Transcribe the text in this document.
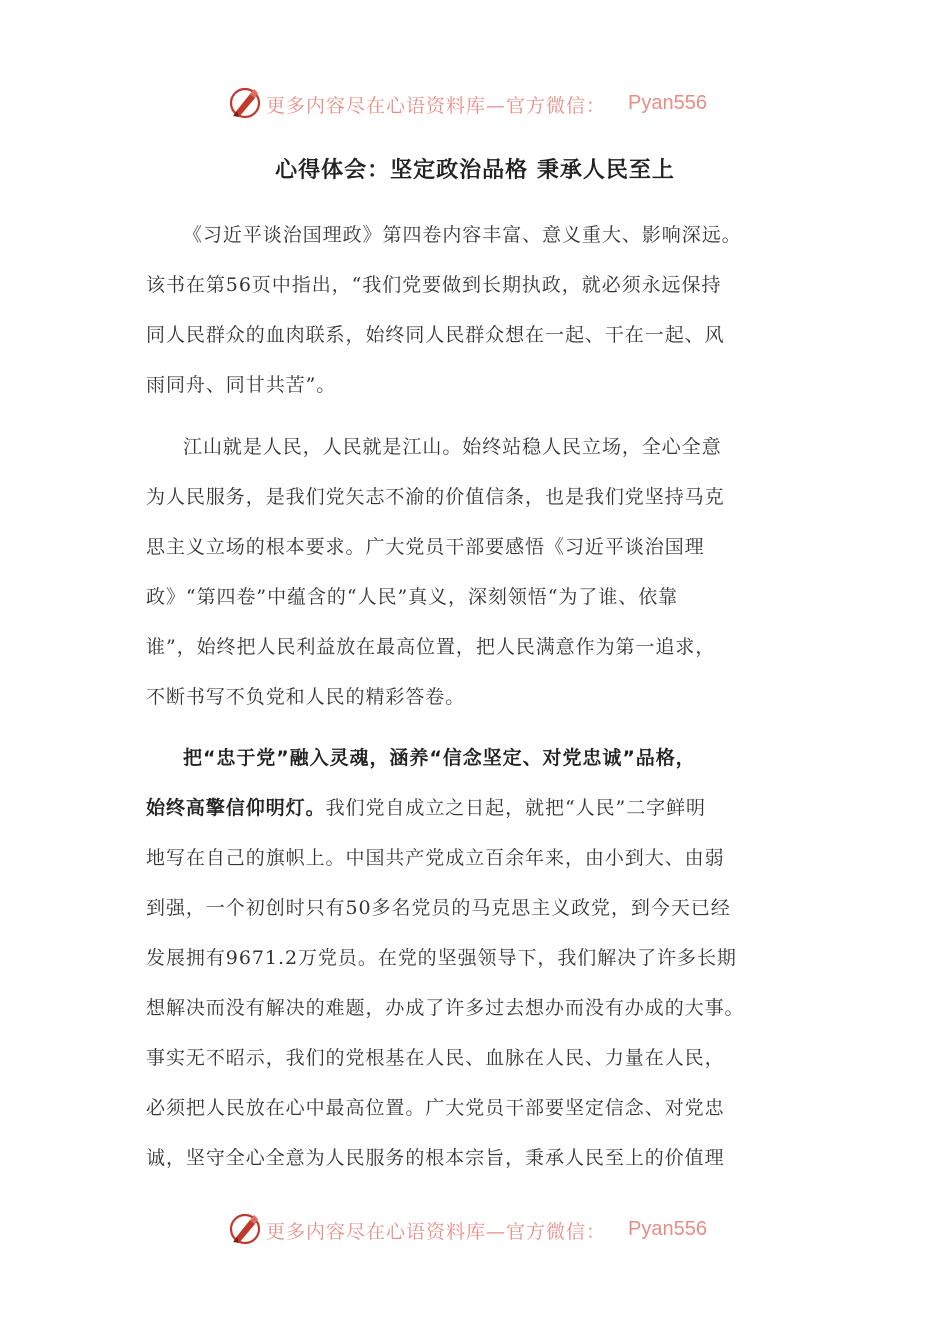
更多内容尽在心语资料库—官方微信： Pyan556
心得体会：坚定政治品格 秉承人民至上
《习近平谈治国理政》第四卷内容丰富、意义重大、影响深远。
该书在第56页中指出，“我们党要做到长期执政，就必须永远保持
同人民群众的血肉联系，始终同人民群众想在一起、干在一起、风
雨同舟、同甘共苦”。
江山就是人民，人民就是江山。始终站稳人民立场，全心全意
为人民服务，是我们党矢志不渝的价值信条，也是我们党坚持马克
思主义立场的根本要求。广大党员干部要感悟《习近平谈治国理
政》“第四卷”中蕴含的“人民”真义，深刻领悟“为了谁、依靠
谁”，始终把人民利益放在最高位置，把人民满意作为第一追求，
不断书写不负党和人民的精彩答卷。
把“忠于党”融入灵魂，涵养“信念坚定、对党忠诚”品格，
始终高擎信仰明灯。我们党自成立之日起，就把“人民”二字鲜明
地写在自己的旗帜上。中国共产党成立百余年来，由小到大、由弱
到强，一个初创时只有50多名党员的马克思主义政党，到今天已经
发展拥有9671.2万党员。在党的坚强领导下，我们解决了许多长期
想解决而没有解决的难题，办成了许多过去想办而没有办成的大事。
事实无不昭示，我们的党根基在人民、血脉在人民、力量在人民，
必须把人民放在心中最高位置。广大党员干部要坚定信念、对党忠
诚，坚守全心全意为人民服务的根本宗旨，秉承人民至上的价值理
更多内容尽在心语资料库—官方微信： Pyan556
